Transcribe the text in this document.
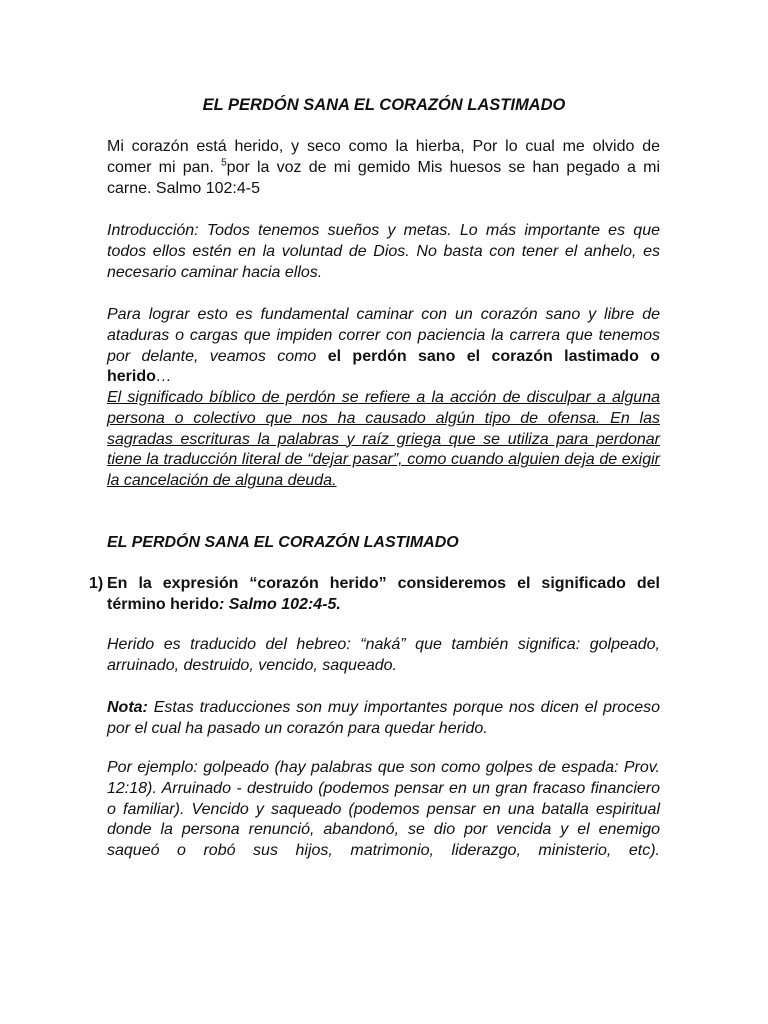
EL PERDÓN SANA EL CORAZÓN LASTIMADO

Mi corazón está herido, y seco como la hierba, Por lo cual me olvido de comer mi pan. $^5$por la voz de mi gemido Mis huesos se han pegado a mi carne. Salmo 102:4-5

Introducción: Todos tenemos sueños y metas. Lo más importante es que todos ellos estén en la voluntad de Dios. No basta con tener el anhelo, es necesario caminar hacia ellos.

Para lograr esto es fundamental caminar con un corazón sano y libre de ataduras o cargas que impiden correr con paciencia la carrera que tenemos por delante, veamos como el perdón sano el corazón lastimado o herido…

El significado bíblico de perdón se refiere a la acción de disculpar a alguna persona o colectivo que nos ha causado algún tipo de ofensa. En las sagradas escrituras la palabras y raíz griega que se utiliza para perdonar tiene la traducción literal de “dejar pasar”, como cuando alguien deja de exigir la cancelación de alguna deuda.

EL PERDÓN SANA EL CORAZÓN LASTIMADO
1) En la expresión “corazón herido” consideremos el significado del término herido: Salmo 102:4-5.

Herido es traducido del hebreo: “naká” que también significa: golpeado, arruinado, destruido, vencido, saqueado.

Nota: Estas traducciones son muy importantes porque nos dicen el proceso por el cual ha pasado un corazón para quedar herido.

Por ejemplo: golpeado (hay palabras que son como golpes de espada: Prov. 12:18). Arruinado - destruido (podemos pensar en un gran fracaso financiero o familiar). Vencido y saqueado (podemos pensar en una batalla espiritual donde la persona renunció, abandonó, se dio por vencida y el enemigo saqueó o robó sus hijos, matrimonio, liderazgo, ministerio, etc).
